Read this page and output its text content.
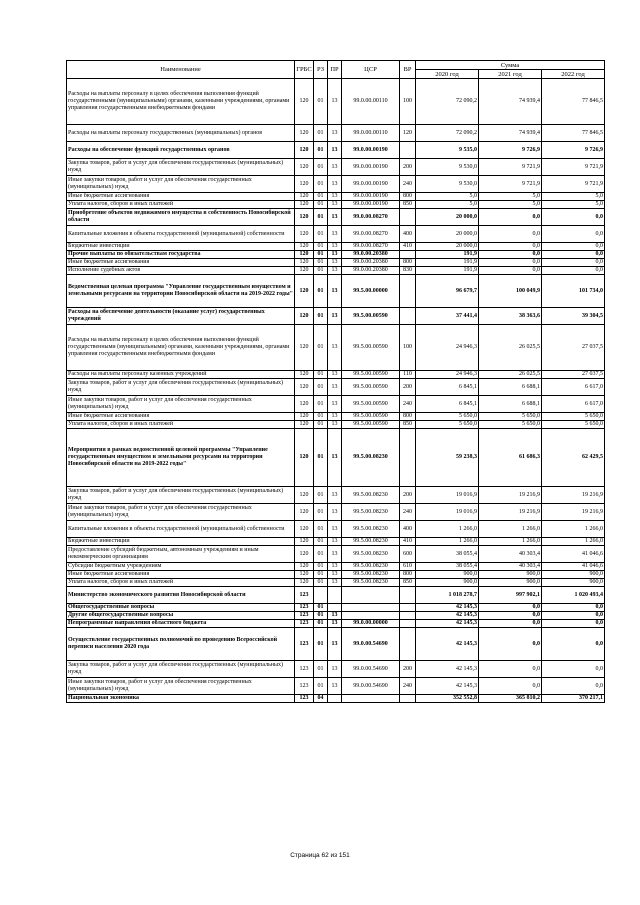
Наименование	ГРБС	РЗ	ПР	ЦСР	ВР	Сумма		
						2020 год	2021 год	2022 год
Расходы на выплаты персоналу в целях обеспечения выполнения функций государственными (муниципальными) органами, казенными учреждениями, органами управления государственными внебюджетными фондами	120	01	13	99.0.00.00110	100	72 090,2	74 939,4	77 846,5
Расходы на выплаты персоналу государственных (муниципальных) органов	120	01	13	99.0.00.00110	120	72 090,2	74 939,4	77 846,5
Расходы на обеспечение функций государственных органов	120	01	13	99.0.00.00190		9 535,0	9 726,9	9 726,9
Закупка товаров, работ и услуг для обеспечения государственных (муниципальных) нужд	120	01	13	99.0.00.00190	200	9 530,0	9 721,9	9 721,9
Иные закупки товаров, работ и услуг для обеспечения государственных (муниципальных) нужд	120	01	13	99.0.00.00190	240	9 530,0	9 721,9	9 721,9
Иные бюджетные ассигнования	120	01	13	99.0.00.00190	800	5,0	5,0	5,0
Уплата налогов, сборов и иных платежей	120	01	13	99.0.00.00190	850	5,0	5,0	5,0
Приобретение объектов недвижимого имущества в собственность Новосибирской области	120	01	13	99.0.00.08270		20 000,0	0,0	0,0
Капитальные вложения в объекты государственной (муниципальной) собственности	120	01	13	99.0.00.08270	400	20 000,0	0,0	0,0
Бюджетные инвестиции	120	01	13	99.0.00.08270	410	20 000,0	0,0	0,0
Прочие выплаты по обязательствам государства	120	01	13	99.0.00.20380		191,9	0,0	0,0
Иные бюджетные ассигнования	120	01	13	99.0.00.20380	800	191,9	0,0	0,0
Исполнение судебных актов	120	01	13	99.0.00.20380	830	191,9	0,0	0,0
Ведомственная целевая программа "Управление государственным имуществом и земельными ресурсами на территории Новосибирской области на 2019-2022 годы"	120	01	13	99.5.00.00000		96 679,7	100 049,9	101 734,0
Расходы на обеспечение деятельности (оказание услуг) государственных учреждений	120	01	13	99.5.00.00590		37 441,4	38 363,6	39 304,5
Расходы на выплаты персоналу в целях обеспечения выполнения функций государственными (муниципальными) органами, казенными учреждениями, органами управления государственными внебюджетными фондами	120	01	13	99.5.00.00590	100	24 946,3	26 025,5	27 037,5
Расходы на выплаты персоналу казенных учреждений	120	01	13	99.5.00.00590	110	24 946,3	26 025,5	27 037,5
Закупка товаров, работ и услуг для обеспечения государственных (муниципальных) нужд	120	01	13	99.5.00.00590	200	6 845,1	6 688,1	6 617,0
Иные закупки товаров, работ и услуг для обеспечения государственных (муниципальных) нужд	120	01	13	99.5.00.00590	240	6 845,1	6 688,1	6 617,0
Иные бюджетные ассигнования	120	01	13	99.5.00.00590	800	5 650,0	5 650,0	5 650,0
Уплата налогов, сборов и иных платежей	120	01	13	99.5.00.00590	850	5 650,0	5 650,0	5 650,0
Мероприятия в рамках ведомственной целевой программы "Управление государственным имуществом и земельными ресурсами на территории Новосибирской области на 2019-2022 годы"	120	01	13	99.5.00.08230		59 238,3	61 686,3	62 429,5
Закупка товаров, работ и услуг для обеспечения государственных (муниципальных) нужд	120	01	13	99.5.00.08230	200	19 016,9	19 216,9	19 216,9
Иные закупки товаров, работ и услуг для обеспечения государственных (муниципальных) нужд	120	01	13	99.5.00.08230	240	19 016,9	19 216,9	19 216,9
Капитальные вложения в объекты государственной (муниципальной) собственности	120	01	13	99.5.00.08230	400	1 266,0	1 266,0	1 266,0
Бюджетные инвестиции	120	01	13	99.5.00.08230	410	1 266,0	1 266,0	1 266,0
Предоставление субсидий бюджетным, автономным учреждениям и иным некоммерческим организациям	120	01	13	99.5.00.08230	600	38 055,4	40 303,4	41 046,6
Субсидии бюджетным учреждениям	120	01	13	99.5.00.08230	610	38 055,4	40 303,4	41 046,6
Иные бюджетные ассигнования	120	01	13	99.5.00.08230	800	900,0	900,0	900,0
Уплата налогов, сборов и иных платежей	120	01	13	99.5.00.08230	850	900,0	900,0	900,0
Министерство экономического развития Новосибирской области	123					1 018 278,7	997 902,1	1 020 493,4
Общегосударственные вопросы	123	01				42 145,3	0,0	0,0
Другие общегосударственные вопросы	123	01	13			42 145,3	0,0	0,0
Непрограммные направления областного бюджета	123	01	13	99.0.00.00000		42 145,3	0,0	0,0
Осуществление государственных полномочий по проведению Всероссийской переписи населения 2020 года	123	01	13	99.0.00.54690		42 145,3	0,0	0,0
Закупка товаров, работ и услуг для обеспечения государственных (муниципальных) нужд	123	01	13	99.0.00.54690	200	42 145,3	0,0	0,0
Иные закупки товаров, работ и услуг для обеспечения государственных (муниципальных) нужд	123	01	13	99.0.00.54690	240	42 145,3	0,0	0,0
Национальная экономика	123	04				352 552,8	365 810,2	370 217,1
Страница 62 из 151
